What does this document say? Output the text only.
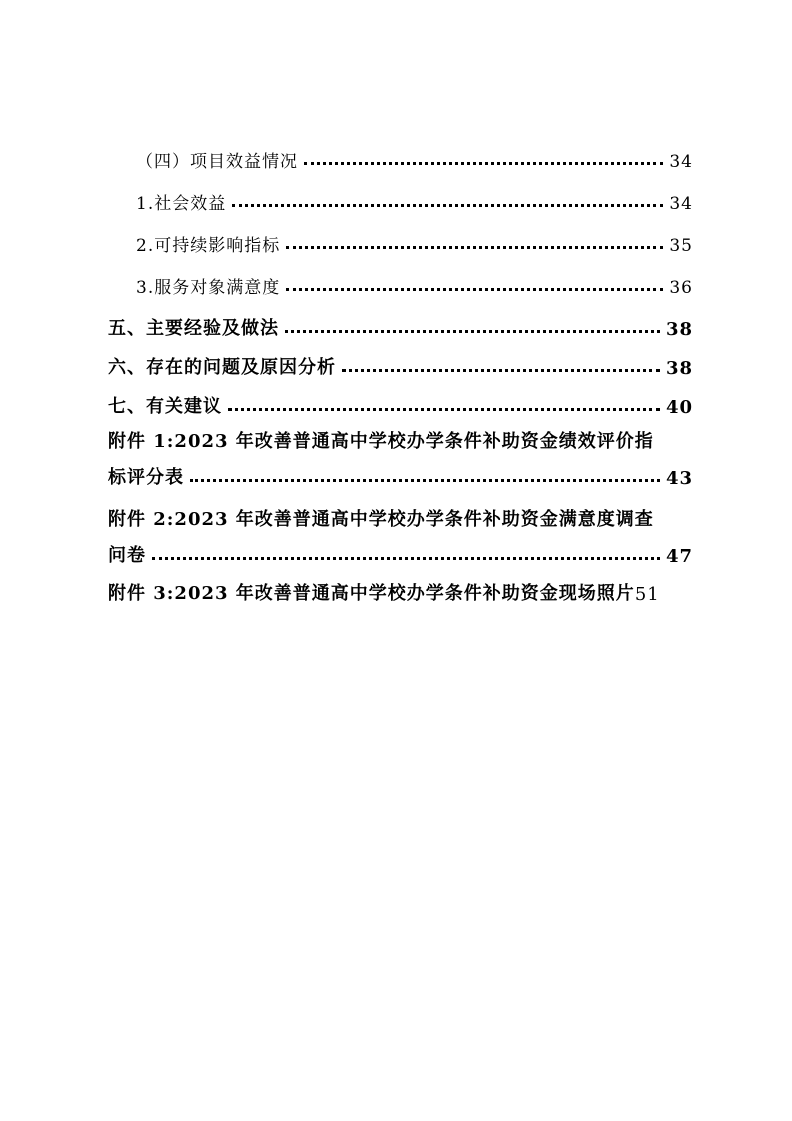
（四）项目效益情况	34
1.社会效益	34
2.可持续影响指标	35
3.服务对象满意度	36
五、主要经验及做法	38
六、存在的问题及原因分析	38
七、有关建议	40
附件 1:2023 年改善普通高中学校办学条件补助资金绩效评价指
标评分表	43
附件 2:2023 年改善普通高中学校办学条件补助资金满意度调查
问卷	47
附件 3:2023 年改善普通高中学校办学条件补助资金现场照片 51
